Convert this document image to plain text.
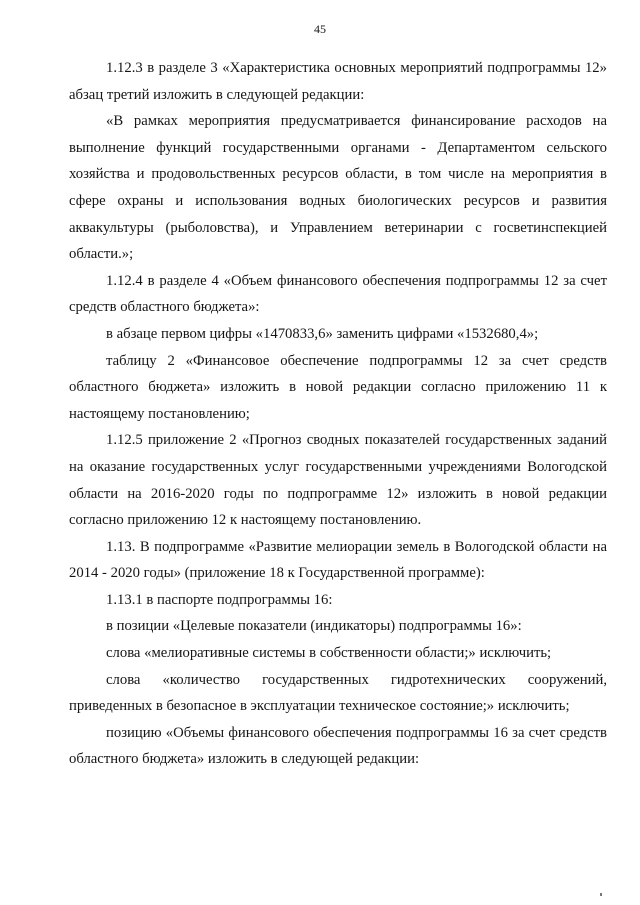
45

1.12.3 в разделе 3 «Характеристика основных мероприятий подпрограммы 12» абзац третий изложить в следующей редакции:

«В рамках мероприятия предусматривается финансирование расходов на выполнение функций государственными органами - Департаментом сельского хозяйства и продовольственных ресурсов области, в том числе на мероприятия в сфере охраны и использования водных биологических ресурсов и развития аквакультуры (рыболовства), и Управлением ветеринарии с госветинспекцией области.»;

1.12.4 в разделе 4 «Объем финансового обеспечения подпрограммы 12 за счет средств областного бюджета»:

в абзаце первом цифры «1470833,6» заменить цифрами «1532680,4»;

таблицу 2 «Финансовое обеспечение подпрограммы 12 за счет средств областного бюджета» изложить в новой редакции согласно приложению 11 к настоящему постановлению;

1.12.5 приложение 2 «Прогноз сводных показателей государственных заданий на оказание государственных услуг государственными учреждениями Вологодской области на 2016-2020 годы по подпрограмме 12» изложить в новой редакции согласно приложению 12 к настоящему постановлению.

1.13. В подпрограмме «Развитие мелиорации земель в Вологодской области на 2014 - 2020 годы» (приложение 18 к Государственной программе):

1.13.1 в паспорте подпрограммы 16:

в позиции «Целевые показатели (индикаторы) подпрограммы 16»:

слова «мелиоративные системы в собственности области;» исключить;

слова «количество государственных гидротехнических сооружений, приведенных в безопасное в эксплуатации техническое состояние;» исключить;

позицию «Объемы финансового обеспечения подпрограммы 16 за счет средств областного бюджета» изложить в следующей редакции:
